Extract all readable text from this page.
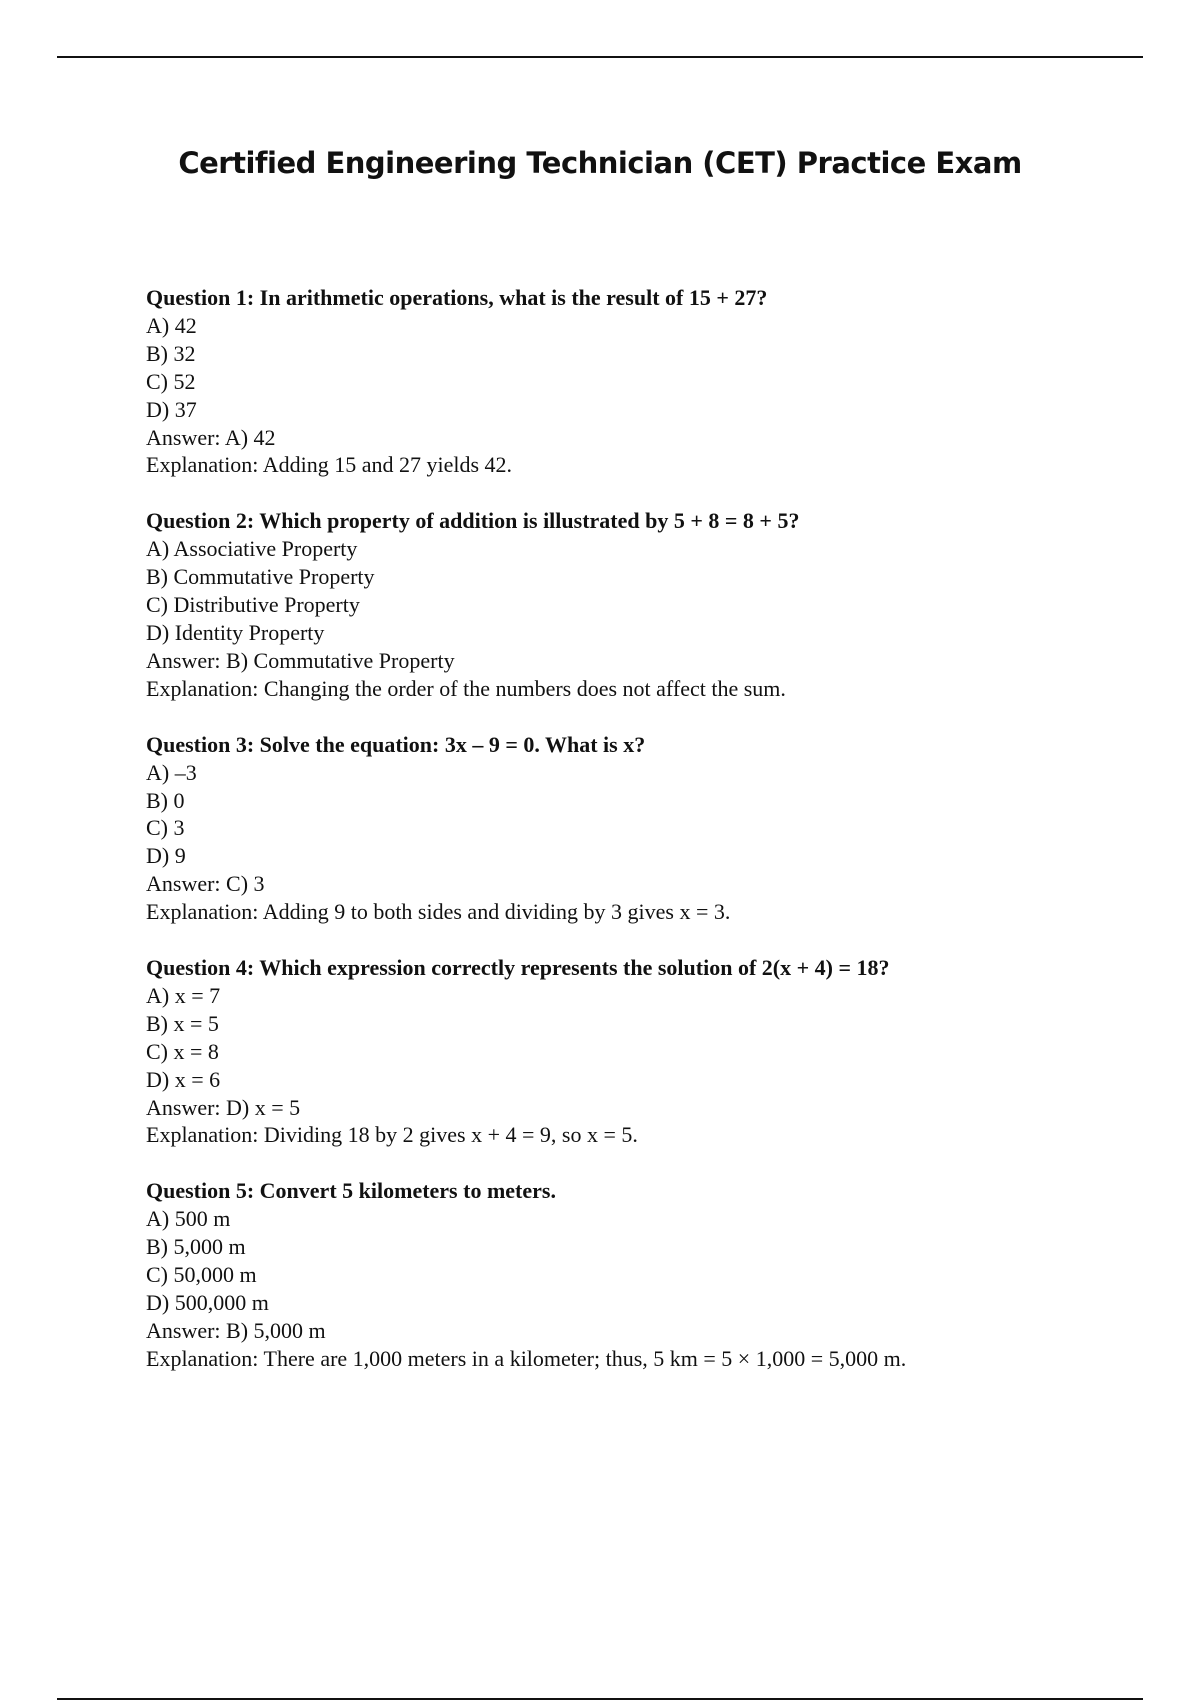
Certified Engineering Technician (CET) Practice Exam
Question 1: In arithmetic operations, what is the result of 15 + 27?
A) 42
B) 32
C) 52
D) 37
Answer: A) 42
Explanation: Adding 15 and 27 yields 42.
Question 2: Which property of addition is illustrated by 5 + 8 = 8 + 5?
A) Associative Property
B) Commutative Property
C) Distributive Property
D) Identity Property
Answer: B) Commutative Property
Explanation: Changing the order of the numbers does not affect the sum.
Question 3: Solve the equation: 3x – 9 = 0. What is x?
A) –3
B) 0
C) 3
D) 9
Answer: C) 3
Explanation: Adding 9 to both sides and dividing by 3 gives x = 3.
Question 4: Which expression correctly represents the solution of 2(x + 4) = 18?
A) x = 7
B) x = 5
C) x = 8
D) x = 6
Answer: D) x = 5
Explanation: Dividing 18 by 2 gives x + 4 = 9, so x = 5.
Question 5: Convert 5 kilometers to meters.
A) 500 m
B) 5,000 m
C) 50,000 m
D) 500,000 m
Answer: B) 5,000 m
Explanation: There are 1,000 meters in a kilometer; thus, 5 km = 5 × 1,000 = 5,000 m.
